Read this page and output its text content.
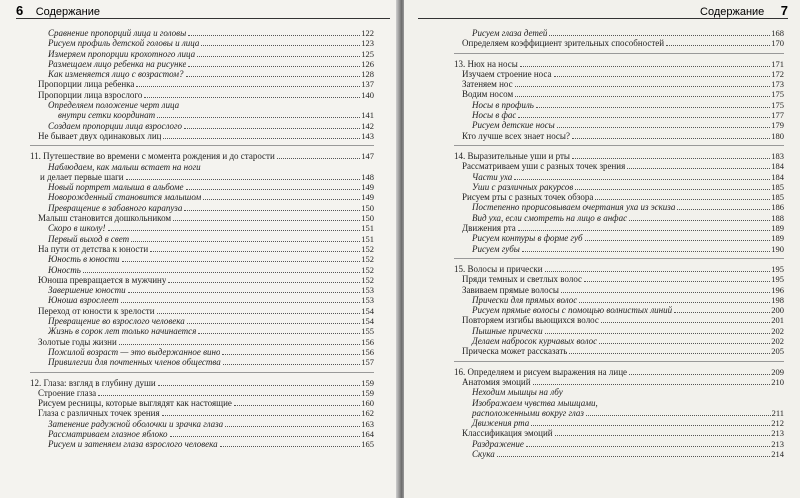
6 Содержание
Сравнение пропорций лица и головы	122
Рисуем профиль детской головы и лица	123
Измеряем пропорции крохотного лица	125
Размещаем лицо ребенка на рисунке	126
Как изменяется лицо с возрастом?	128
Пропорции лица ребенка	137
Пропорции лица взрослого	140
Определяем положение черт лица
внутри сетки координат	141
Создаем пропорции лица взрослого	142
Не бывает двух одинаковых лиц	143
11. Путешествие во времени с момента рождения и до старости	147
Наблюдаем, как малыш встает на ноги
и делает первые шаги	148
Новый портрет малыша в альбоме	149
Новорожденный становится малышом	149
Превращение в забавного карапуза	150
Малыш становится дошкольником	150
Скоро в школу!	151
Первый выход в свет	151
На пути от детства к юности	152
Юность в юности	152
Юность	152
Юноша превращается в мужчину	152
Завершение юности	153
Юноша взрослеет	153
Переход от юности к зрелости	154
Превращение во взрослого человека	154
Жизнь в сорок лет только начинается	155
Золотые годы жизни	156
Пожилой возраст — это выдержанное вино	156
Привилегии для почтенных членов общества	157
12. Глаза: взгляд в глубину души	159
Строение глаза	159
Рисуем ресницы, которые выглядят как настоящие	160
Глаза с различных точек зрения	162
Затенение радужной оболочки и зрачка глаза	163
Рассматриваем глазное яблоко	164
Рисуем и затеняем глаза взрослого человека	165
Содержание 7
Рисуем глаза детей	168
Определяем коэффициент зрительных способностей	170
13. Нюх на носы	171
Изучаем строение носа	172
Затеняем нос	173
Водим носом	175
Носы в профиль	175
Носы в фас	177
Рисуем детские носы	179
Кто лучше всех знает носы?	180
14. Выразительные уши и рты	183
Рассматриваем уши с разных точек зрения	184
Части уха	184
Уши с различных ракурсов	185
Рисуем рты с разных точек обзора	185
Постепенно прорисовываем очертания уха из эскиза	186
Вид уха, если смотреть на лицо в анфас	188
Движения рта	189
Рисуем контуры в форме губ	189
Рисуем губы	190
15. Волосы и прически	195
Пряди темных и светлых волос	195
Завиваем прямые волосы	196
Прически для прямых волос	198
Рисуем прямые волосы с помощью волнистых линий	200
Повторяем изгибы вьющихся волос	201
Пышные прически	202
Делаем набросок курчавых волос	202
Прическа может рассказать	205
16. Определяем и рисуем выражения на лице	209
Анатомия эмоций	210
Неходим мышцы на лбу
Изображаем чувства мышцами,
расположенными вокруг глаз	211
Движения рта	212
Классификация эмоций	213
Раздражение	213
Скука	214
